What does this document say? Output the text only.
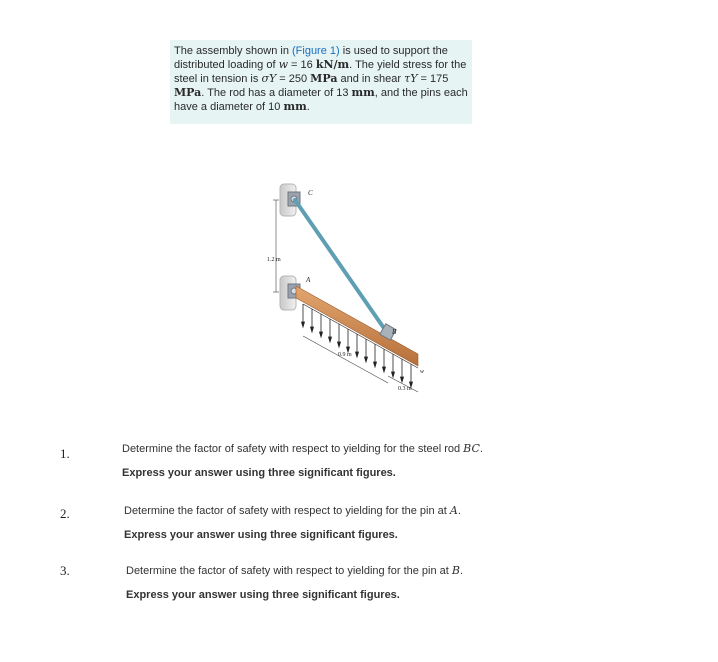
The assembly shown in (Figure 1) is used to support the distributed loading of w = 16 kN/m. The yield stress for the steel in tension is σY = 250 MPa and in shear τY = 175 MPa. The rod has a diameter of 13 mm, and the pins each have a diameter of 10 mm.
C
A
B
w
1.2 m
0.9 m
0.3 m
1.	Determine the factor of safety with respect to yielding for the steel rod BC.
Express your answer using three significant figures.
2.	Determine the factor of safety with respect to yielding for the pin at A.
Express your answer using three significant figures.
3.	Determine the factor of safety with respect to yielding for the pin at B.
Express your answer using three significant figures.
